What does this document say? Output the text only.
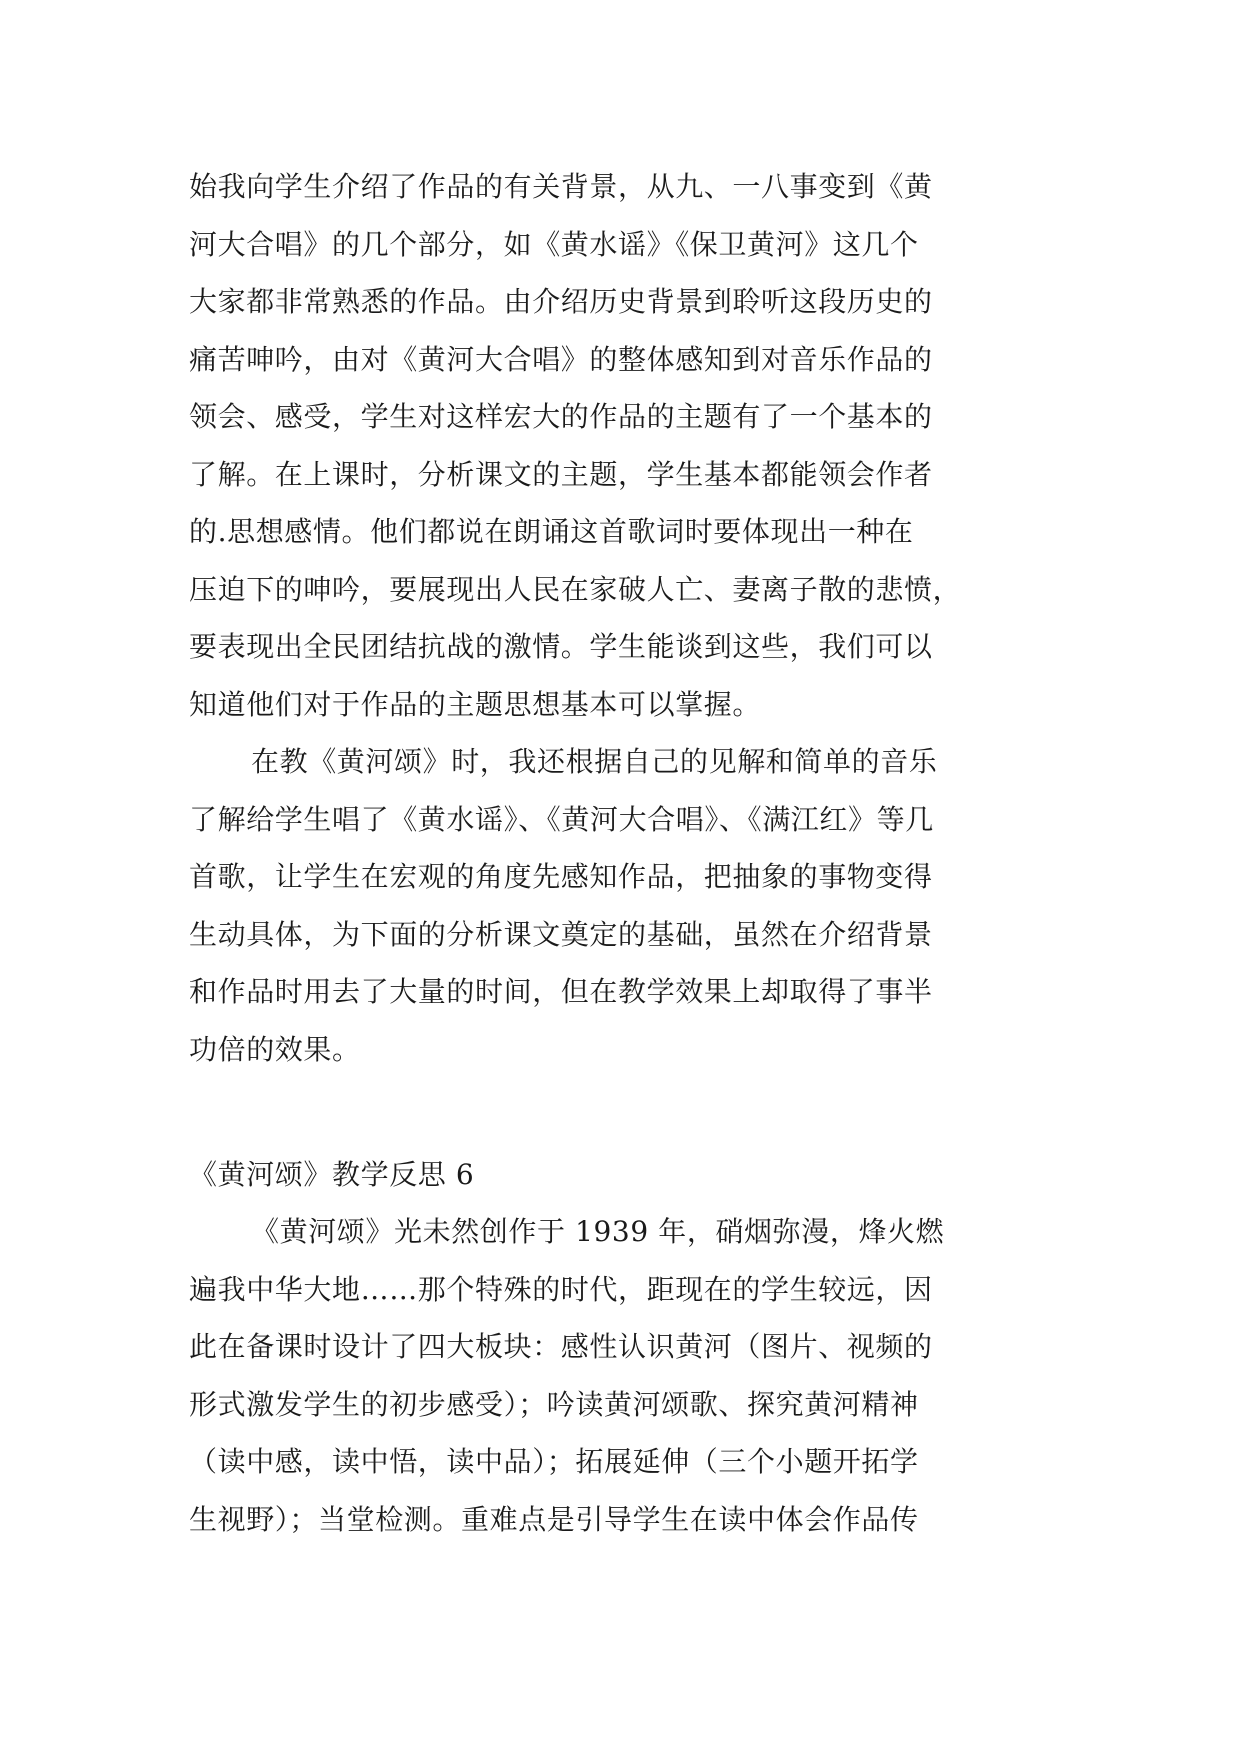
始我向学生介绍了作品的有关背景，从九、一八事变到《黄
河大合唱》的几个部分，如《黄水谣》《保卫黄河》这几个
大家都非常熟悉的作品。由介绍历史背景到聆听这段历史的
痛苦呻吟，由对《黄河大合唱》的整体感知到对音乐作品的
领会、感受，学生对这样宏大的作品的主题有了一个基本的
了解。在上课时，分析课文的主题，学生基本都能领会作者
的.思想感情。他们都说在朗诵这首歌词时要体现出一种在
压迫下的呻吟，要展现出人民在家破人亡、妻离子散的悲愤，
要表现出全民团结抗战的激情。学生能谈到这些，我们可以
知道他们对于作品的主题思想基本可以掌握。
在教《黄河颂》时，我还根据自己的见解和简单的音乐
了解给学生唱了《黄水谣》、《黄河大合唱》、《满江红》等几
首歌，让学生在宏观的角度先感知作品，把抽象的事物变得
生动具体，为下面的分析课文奠定的基础，虽然在介绍背景
和作品时用去了大量的时间，但在教学效果上却取得了事半
功倍的效果。
《黄河颂》教学反思 6
《黄河颂》光未然创作于 1939 年，硝烟弥漫，烽火燃
遍我中华大地……那个特殊的时代，距现在的学生较远，因
此在备课时设计了四大板块：感性认识黄河（图片、视频的
形式激发学生的初步感受）；吟读黄河颂歌、探究黄河精神
（读中感，读中悟，读中品）；拓展延伸（三个小题开拓学
生视野）；当堂检测。重难点是引导学生在读中体会作品传
